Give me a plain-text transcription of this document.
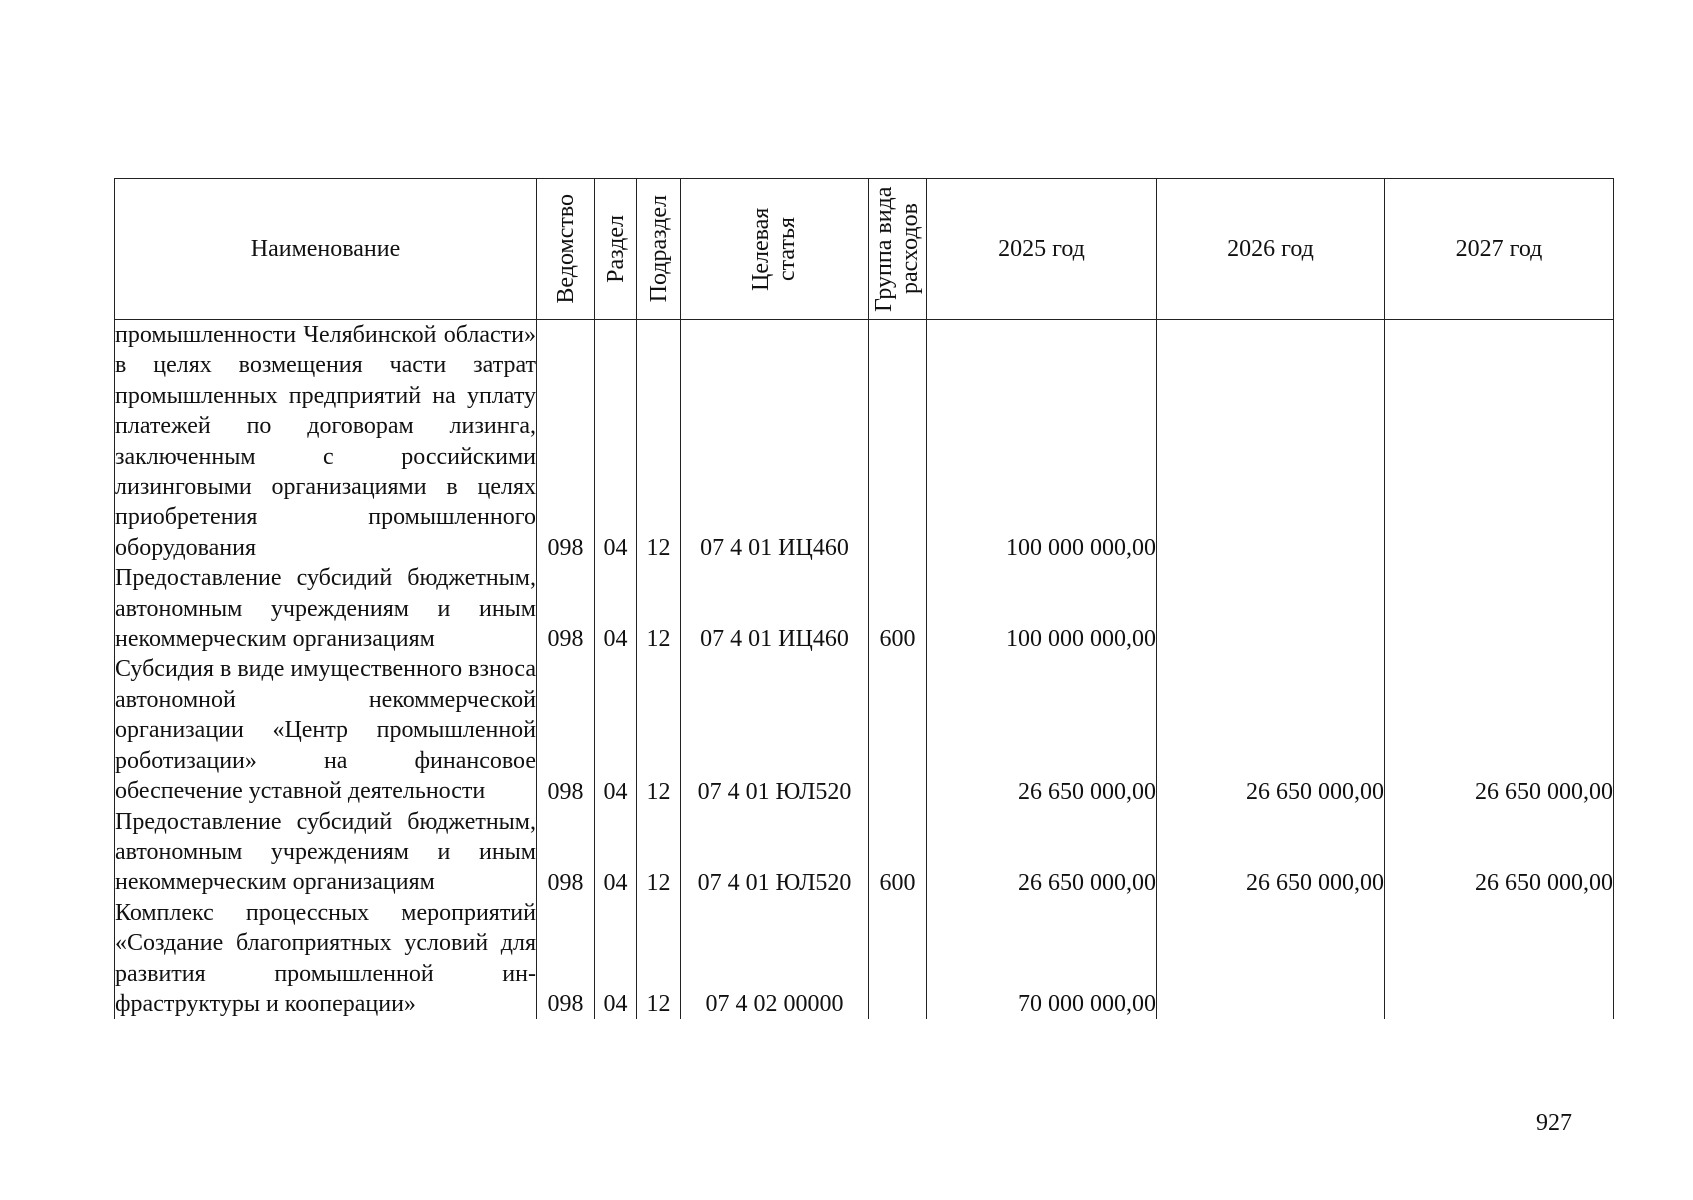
Наименование	Ведомство	Раздел	Подраздел	Целевая статья	Группа вида расходов	2025 год	2026 год	2027 год
промышленности Челябинской области» в целях возмещения части затрат промышленных предприятий на уплату платежей по договорам лизинга, заключенным с российскими лизинговыми организациями в целях приобретения промышленного оборудования	098	04	12	07 4 01 ИЦ460		100 000 000,00		
Предоставление субсидий бюджетным, автономным учреждениям и иным некоммерческим организациям	098	04	12	07 4 01 ИЦ460	600	100 000 000,00		
Субсидия в виде имущественного взноса автономной некоммерческой организации «Центр промышленной роботизации» на финансовое обеспечение уставной деятельности	098	04	12	07 4 01 ЮЛ520		26 650 000,00	26 650 000,00	26 650 000,00
Предоставление субсидий бюджетным, автономным учреждениям и иным некоммерческим организациям	098	04	12	07 4 01 ЮЛ520	600	26 650 000,00	26 650 000,00	26 650 000,00
Комплекс процессных мероприятий «Создание благоприятных условий для развития промышленной инфраструктуры и кооперации»	098	04	12	07 4 02 00000		70 000 000,00		
927
